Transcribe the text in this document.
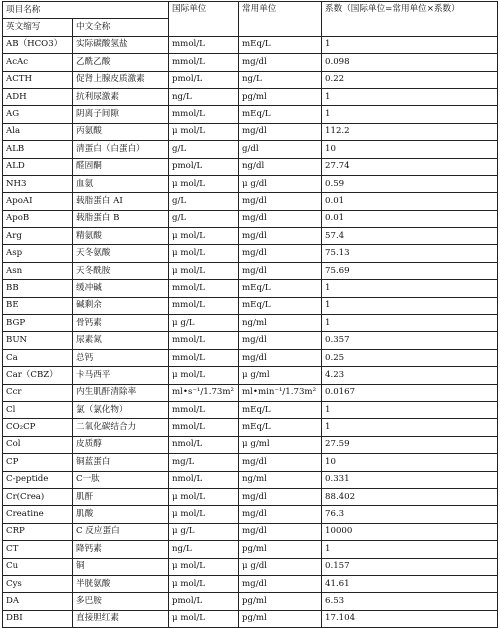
项目名称		国际单位	常用单位	系数（国际单位=常用单位×系数）
英文缩写	中文全称			
AB（HCO3）	实际碳酸氢盐	mmol/L	mEq/L	1
AcAc	乙酰乙酸	mmol/L	mg/dl	0.098
ACTH	促肾上腺皮质激素	pmol/L	ng/L	0.22
ADH	抗利尿激素	ng/L	pg/ml	1
AG	阴离子间隙	mmol/L	mEq/L	1
Ala	丙氨酸	μ mol/L	mg/dl	112.2
ALB	清蛋白（白蛋白）	g/L	g/dl	10
ALD	醛固酮	pmol/L	ng/dl	27.74
NH3	血氨	μ mol/L	μ g/dl	0.59
ApoAI	载脂蛋白 AI	g/L	mg/dl	0.01
ApoB	载脂蛋白 B	g/L	mg/dl	0.01
Arg	精氨酸	μ mol/L	mg/dl	57.4
Asp	天冬氨酸	μ mol/L	mg/dl	75.13
Asn	天冬酰胺	μ mol/L	mg/dl	75.69
BB	缓冲碱	mmol/L	mEq/L	1
BE	碱剩余	mmol/L	mEq/L	1
BGP	骨钙素	μ g/L	ng/ml	1
BUN	尿素氮	mmol/L	mg/dl	0.357
Ca	总钙	mmol/L	mg/dl	0.25
Car（CBZ）	卡马西平	μ mol/L	μ g/ml	4.23
Ccr	内生肌酐清除率	ml•s⁻¹/1.73m²	ml•min⁻¹/1.73m²	0.0167
Cl	氯（氯化物）	mmol/L	mEq/L	1
CO₂CP	二氧化碳结合力	mmol/L	mEq/L	1
Col	皮质醇	nmol/L	μ g/ml	27.59
CP	铜蓝蛋白	mg/L	mg/dl	10
C-peptide	C一肽	nmol/L	ng/ml	0.331
Cr(Crea)	肌酐	μ mol/L	mg/dl	88.402
Creatine	肌酸	μ mol/L	mg/dl	76.3
CRP	C 反应蛋白	μ g/L	mg/dl	10000
CT	降钙素	ng/L	pg/ml	1
Cu	铜	μ mol/L	μ g/dl	0.157
Cys	半胱氨酸	μ mol/L	mg/dl	41.61
DA	多巴胺	pmol/L	pg/ml	6.53
DBI	直接胆红素	μ mol/L	pg/ml	17.104
